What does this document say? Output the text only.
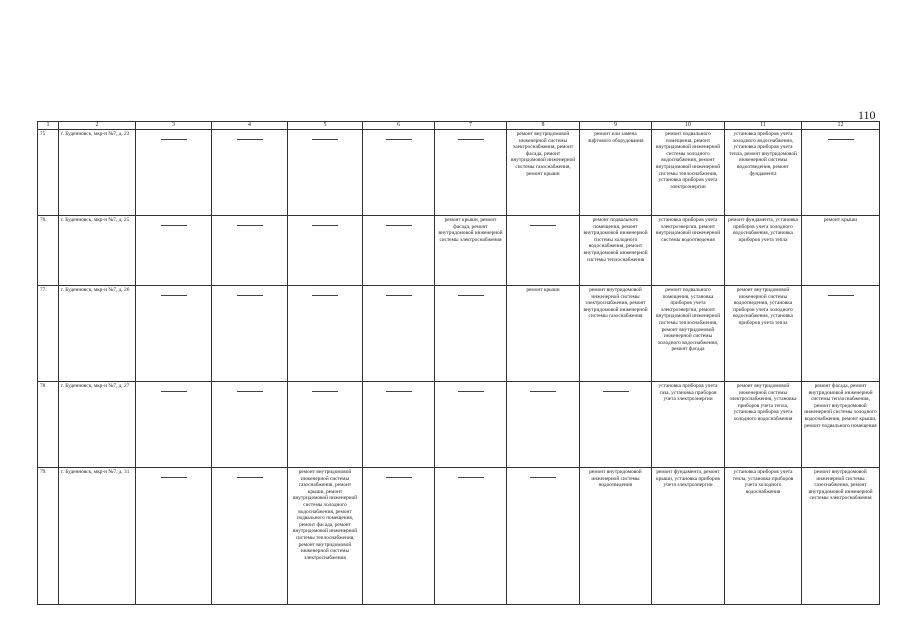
110
1	2	3	4	5	6	7	8	9	10	11	12
75	г. Буденновск, мкр-н №7, д. 23						ремонт внутридомовой инженерной системы электроснабжения, ремонт фасада, ремонт внутридомовой инженерной системы газоснабжения, ремонт крыши	ремонт или замена лифтового оборудования	ремонт подвального помещения, ремонт внутридомовой инженерной системы холодного водоснабжения, ремонт внутридомовой инженерной системы теплоснабжения, установка приборов учета электроэнергии	установка приборов учета холодного водоснабжения, установка приборов учета тепла, ремонт внутридомовой инженерной системы водоотведения, ремонт фундамента	

76.	г. Буденновск, мкр-н №7, д. 25					ремонт крыши, ремонт фасада, ремонт внутридомовой инженерной системы электроснабжения		ремонт подвального помещения, ремонт внутридомовой инженерной системы холодного водоснабжения, ремонт внутридомовой инженерной системы теплоснабжения	установка приборов учета электроэнергии, ремонт внутридомовой инженерной системы водоотведения	ремонт фундамента, установка приборов учета холодного водоснабжения, установка приборов учета тепла	ремонт крыши
77.	г. Буденновск, мкр-н №7, д. 26						ремонт крыши	ремонт внутридомовой инженерной системы электроснабжения, ремонт внутридомовой инженерной системы газоснабжения	ремонт подвального помещения, установка приборов учета электроэнергии, ремонт внутридомовой инженерной системы теплоснабжения, ремонт внутридомовой инженерной системы холодного водоснабжения, ремонт фасада	ремонт внутридомовой инженерной системы водоотведения, установка приборов учета холодного водоснабжения, установка приборов учета тепла	

78	г. Буденновск, мкр-н №7, д. 27								установка приборов учета газа, установка приборов учета электроэнергии	ремонт внутридомовой инженерной системы электроснабжения, установка приборов учета тепла, установка приборов учета холодного водоснабжения	ремонт фасада, ремонт внутридомовой инженерной системы теплоснабжения, ремонт внутридомовой инженерной системы холодного водоснабжения, ремонт крыши, ремонт подвального помещения
79.	г. Буденновск, мкр-н №7, д. 31			ремонт внутридомовой инженерной системы газоснабжения, ремонт крыши, ремонт внутридомовой инженерной системы холодного водоснабжения, ремонт подвального помещения, ремонт фасада, ремонт внутридомовой инженерной системы теплоснабжения, ремонт внутридомовой инженерной системы электроснабжения				ремонт внутридомовой инженерной системы водоотведения	ремонт фундамента, ремонт крыши, установка приборов учета электроэнергии	установка приборов учета тепла, установка приборов учета холодного водоснабжения	ремонт внутридомовой инженерной системы газоснабжения, ремонт внутридомовой инженерной системы электроснабжения
